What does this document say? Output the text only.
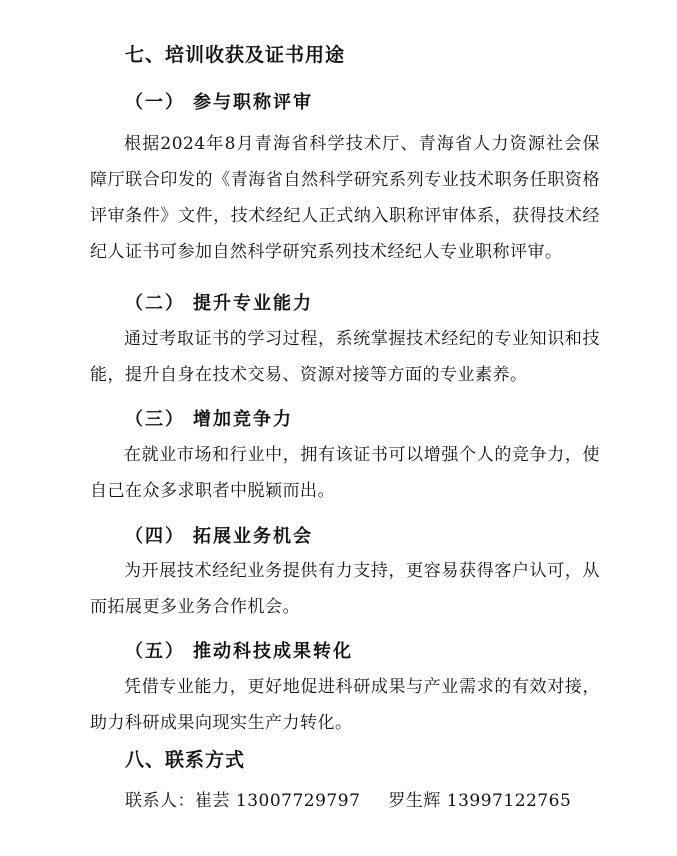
七、培训收获及证书用途
（一） 参与职称评审
根据2024年8月青海省科学技术厅、青海省人力资源社会保障厅联合印发的《青海省自然科学研究系列专业技术职务任职资格评审条件》文件，技术经纪人正式纳入职称评审体系，获得技术经纪人证书可参加自然科学研究系列技术经纪人专业职称评审。
（二） 提升专业能力
通过考取证书的学习过程，系统掌握技术经纪的专业知识和技能，提升自身在技术交易、资源对接等方面的专业素养。
（三） 增加竞争力
在就业市场和行业中，拥有该证书可以增强个人的竞争力，使自己在众多求职者中脱颖而出。
（四） 拓展业务机会
为开展技术经纪业务提供有力支持，更容易获得客户认可，从而拓展更多业务合作机会。
（五） 推动科技成果转化
凭借专业能力，更好地促进科研成果与产业需求的有效对接，助力科研成果向现实生产力转化。
八、联系方式
联系人：崔芸 13007729797 罗生辉 13997122765
